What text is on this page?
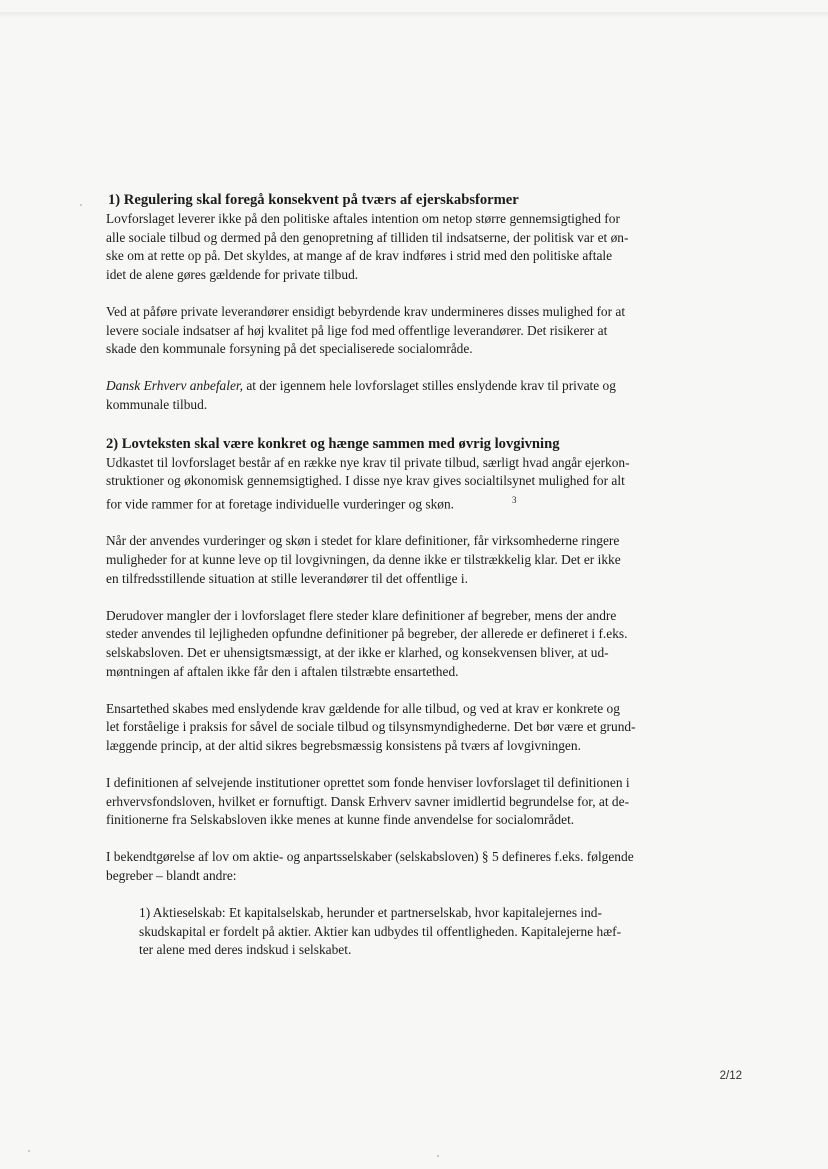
1) Regulering skal foregå konsekvent på tværs af ejerskabsformer
Lovforslaget leverer ikke på den politiske aftales intention om netop større gennemsigtighed for
alle sociale tilbud og dermed på den genopretning af tilliden til indsatserne, der politisk var et øn-
ske om at rette op på. Det skyldes, at mange af de krav indføres i strid med den politiske aftale
idet de alene gøres gældende for private tilbud.
Ved at påføre private leverandører ensidigt bebyrdende krav undermineres disses mulighed for at
levere sociale indsatser af høj kvalitet på lige fod med offentlige leverandører. Det risikerer at
skade den kommunale forsyning på det specialiserede socialområde.
Dansk Erhverv anbefaler, at der igennem hele lovforslaget stilles enslydende krav til private og
kommunale tilbud.
2) Lovteksten skal være konkret og hænge sammen med øvrig lovgivning
Udkastet til lovforslaget består af en række nye krav til private tilbud, særligt hvad angår ejerkon-
struktioner og økonomisk gennemsigtighed. I disse nye krav gives socialtilsynet mulighed for alt
for vide rammer for at foretage individuelle vurderinger og skøn.	$^3$
Når der anvendes vurderinger og skøn i stedet for klare definitioner, får virksomhederne ringere
muligheder for at kunne leve op til lovgivningen, da denne ikke er tilstrækkelig klar. Det er ikke
en tilfredsstillende situation at stille leverandører til det offentlige i.
Derudover mangler der i lovforslaget flere steder klare definitioner af begreber, mens der andre
steder anvendes til lejligheden opfundne definitioner på begreber, der allerede er defineret i f.eks.
selskabsloven. Det er uhensigtsmæssigt, at der ikke er klarhed, og konsekvensen bliver, at ud-
møntningen af aftalen ikke får den i aftalen tilstræbte ensartethed.
Ensartethed skabes med enslydende krav gældende for alle tilbud, og ved at krav er konkrete og
let forståelige i praksis for såvel de sociale tilbud og tilsynsmyndighederne. Det bør være et grund-
læggende princip, at der altid sikres begrebsmæssig konsistens på tværs af lovgivningen.
I definitionen af selvejende institutioner oprettet som fonde henviser lovforslaget til definitionen i
erhvervsfondsloven, hvilket er fornuftigt. Dansk Erhverv savner imidlertid begrundelse for, at de-
finitionerne fra Selskabsloven ikke menes at kunne finde anvendelse for socialområdet.
I bekendtgørelse af lov om aktie- og anpartsselskaber (selskabsloven) § 5 defineres f.eks. følgende
begreber – blandt andre:
1) Aktieselskab: Et kapitalselskab, herunder et partnerselskab, hvor kapitalejernes ind-
skudskapital er fordelt på aktier. Aktier kan udbydes til offentligheden. Kapitalejerne hæf-
ter alene med deres indskud i selskabet.
2/12
